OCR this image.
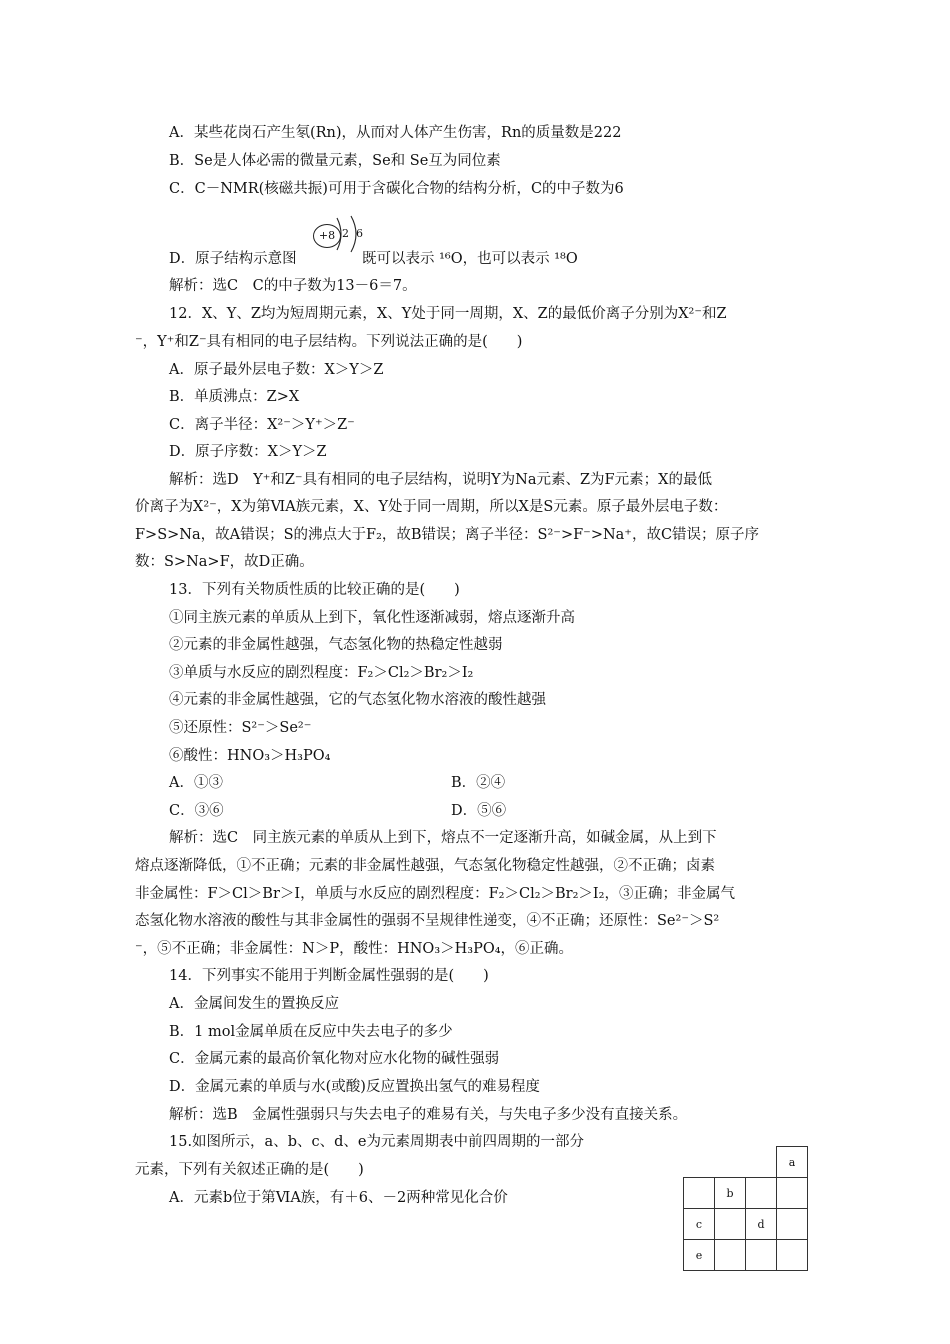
A．某些花岗石产生氡(Rn)，从而对人体产生伤害，Rn的质量数是222
B．Se是人体必需的微量元素，Se和 Se互为同位素
C．C－NMR(核磁共振)可用于含碳化合物的结构分析，C的中子数为6
+8 2 6
D．原子结构示意图	既可以表示 ¹⁶O，也可以表示 ¹⁸O
解析：选C　C的中子数为13－6＝7。
12．X、Y、Z均为短周期元素，X、Y处于同一周期，X、Z的最低价离子分别为X²⁻和Z
⁻，Y⁺和Z⁻具有相同的电子层结构。下列说法正确的是(　　)
A．原子最外层电子数：X＞Y＞Z
B．单质沸点：Z>X
C．离子半径：X²⁻＞Y⁺＞Z⁻
D．原子序数：X＞Y＞Z
解析：选D　Y⁺和Z⁻具有相同的电子层结构，说明Y为Na元素、Z为F元素；X的最低
价离子为X²⁻，X为第ⅥA族元素，X、Y处于同一周期，所以X是S元素。原子最外层电子数：
F>S>Na，故A错误；S的沸点大于F₂，故B错误；离子半径：S²⁻>F⁻>Na⁺，故C错误；原子序
数：S>Na>F，故D正确。
13．下列有关物质性质的比较正确的是(　　)
①同主族元素的单质从上到下，氧化性逐渐减弱，熔点逐渐升高
②元素的非金属性越强，气态氢化物的热稳定性越弱
③单质与水反应的剧烈程度：F₂＞Cl₂＞Br₂＞I₂
④元素的非金属性越强，它的气态氢化物水溶液的酸性越强
⑤还原性：S²⁻＞Se²⁻
⑥酸性：HNO₃＞H₃PO₄
A．①③	B．②④
C．③⑥	D．⑤⑥
解析：选C　同主族元素的单质从上到下，熔点不一定逐渐升高，如碱金属，从上到下
熔点逐渐降低，①不正确；元素的非金属性越强，气态氢化物稳定性越强，②不正确；卤素
非金属性：F＞Cl＞Br＞I，单质与水反应的剧烈程度：F₂＞Cl₂＞Br₂＞I₂，③正确；非金属气
态氢化物水溶液的酸性与其非金属性的强弱不呈规律性递变，④不正确；还原性：Se²⁻＞S²
⁻，⑤不正确；非金属性：N＞P，酸性：HNO₃＞H₃PO₄，⑥正确。
14．下列事实不能用于判断金属性强弱的是(　　)
A．金属间发生的置换反应
B．1 mol金属单质在反应中失去电子的多少
C．金属元素的最高价氧化物对应水化物的碱性强弱
D．金属元素的单质与水(或酸)反应置换出氢气的难易程度
解析：选B　金属性强弱只与失去电子的难易有关，与失电子多少没有直接关系。
15.如图所示，a、b、c、d、e为元素周期表中前四周期的一部分
元素，下列有关叙述正确的是(　　)
A．元素b位于第ⅥA族，有＋6、－2两种常见化合价
			a
	b		
c		d	
e			
